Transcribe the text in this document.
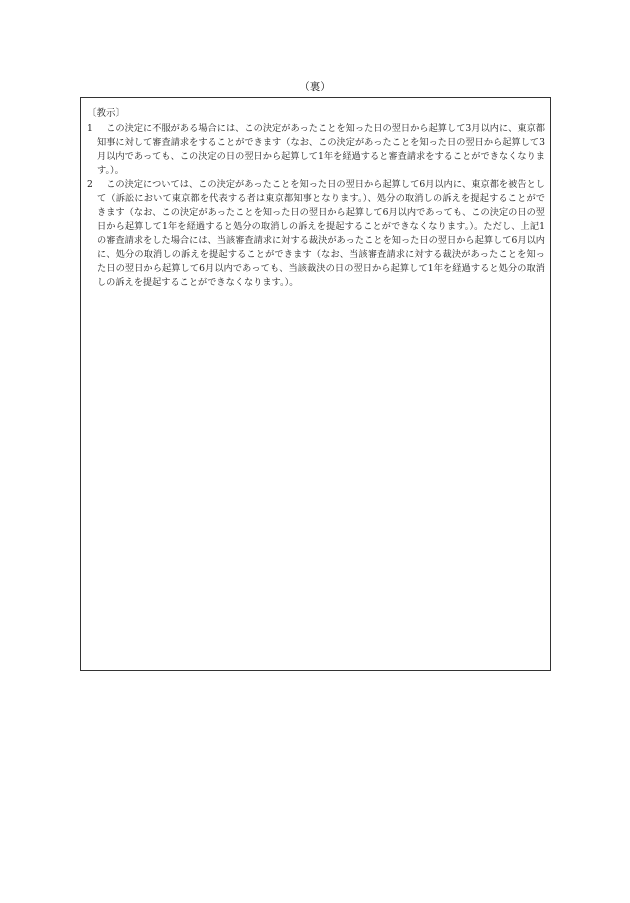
（裏）
〔教示〕
1	この決定に不服がある場合には、この決定があったことを知った日の翌日から起算して3月以内に、東京都知事に対して審査請求をすることができます（なお、この決定があったことを知った日の翌日から起算して3月以内であっても、この決定の日の翌日から起算して1年を経過すると審査請求をすることができなくなります。）。
2	この決定については、この決定があったことを知った日の翌日から起算して6月以内に、東京都を被告として（訴訟において東京都を代表する者は東京都知事となります。）、処分の取消しの訴えを提起することができます（なお、この決定があったことを知った日の翌日から起算して6月以内であっても、この決定の日の翌日から起算して1年を経過すると処分の取消しの訴えを提起することができなくなります。）。ただし、上記1の審査請求をした場合には、当該審査請求に対する裁決があったことを知った日の翌日から起算して6月以内に、処分の取消しの訴えを提起することができます（なお、当該審査請求に対する裁決があったことを知った日の翌日から起算して6月以内であっても、当該裁決の日の翌日から起算して1年を経過すると処分の取消しの訴えを提起することができなくなります。）。
